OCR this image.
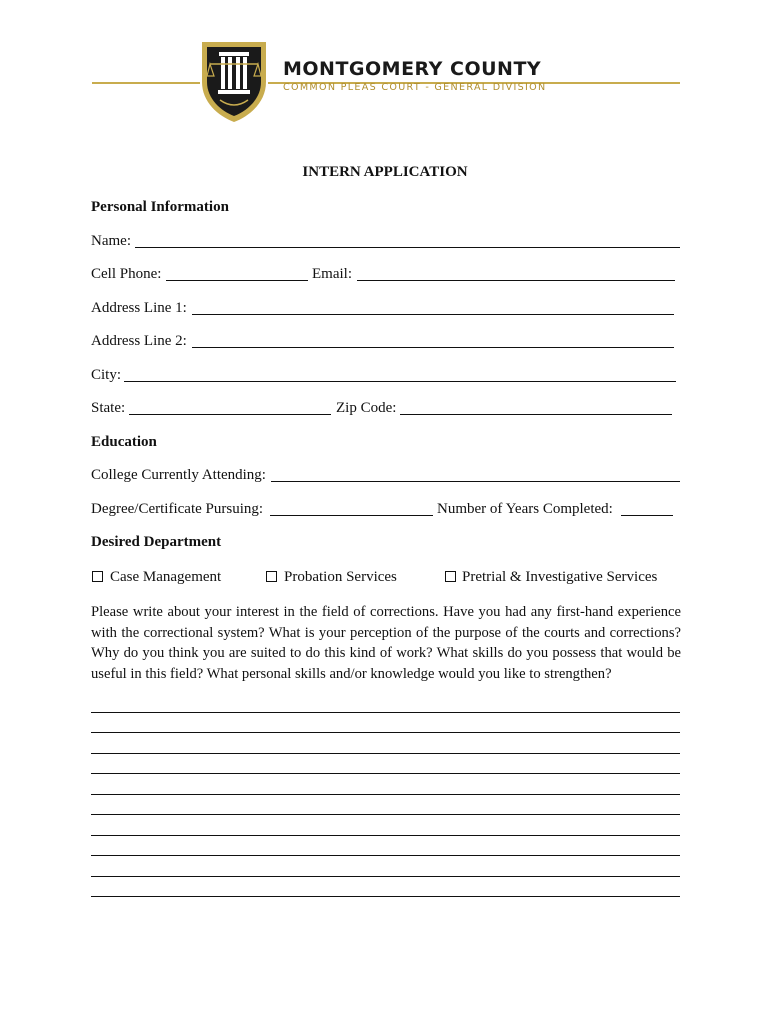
MONTGOMERY COUNTY
COMMON PLEAS COURT - GENERAL DIVISION
INTERN APPLICATION
Personal Information
Name:
Cell Phone:	Email:
Address Line 1:
Address Line 2:
City:
State:	Zip Code:
Education
College Currently Attending:
Degree/Certificate Pursuing:	Number of Years Completed:
Desired Department
Case Management	Probation Services	Pretrial & Investigative Services
Please write about your interest in the field of corrections. Have you had any first-hand experience with the correctional system? What is your perception of the purpose of the courts and corrections? Why do you think you are suited to do this kind of work? What skills do you possess that would be useful in this field? What personal skills and/or knowledge would you like to strengthen?
